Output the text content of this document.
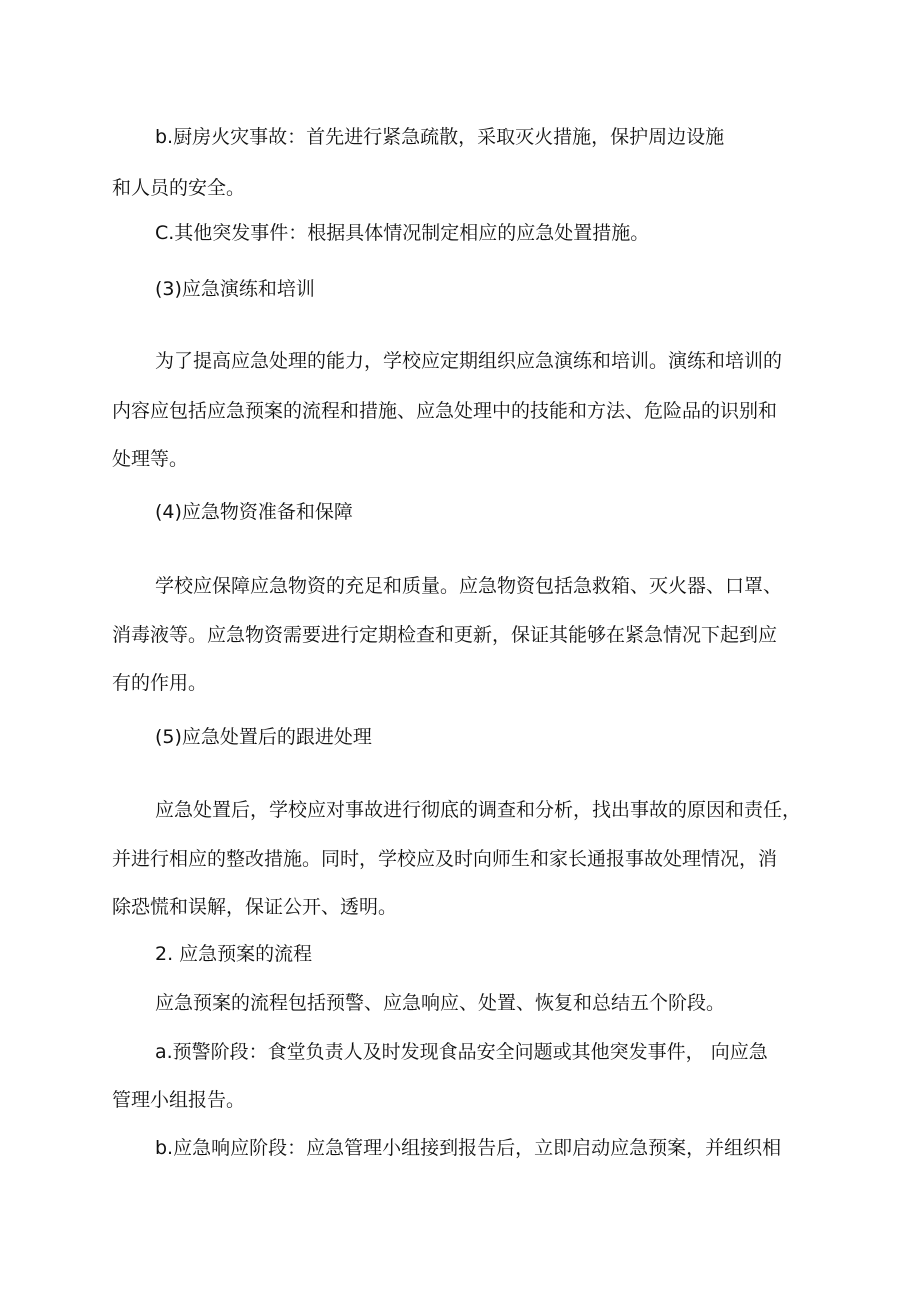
b.厨房火灾事故：首先进行紧急疏散，采取灭火措施，保护周边设施

和人员的安全。

C.其他突发事件：根据具体情况制定相应的应急处置措施。

(3)应急演练和培训

为了提高应急处理的能力，学校应定期组织应急演练和培训。演练和培训的

内容应包括应急预案的流程和措施、应急处理中的技能和方法、危险品的识别和

处理等。

(4)应急物资准备和保障

学校应保障应急物资的充足和质量。应急物资包括急救箱、灭火器、口罩、

消毒液等。应急物资需要进行定期检查和更新，保证其能够在紧急情况下起到应

有的作用。

(5)应急处置后的跟进处理

应急处置后，学校应对事故进行彻底的调查和分析，找出事故的原因和责任，

并进行相应的整改措施。同时，学校应及时向师生和家长通报事故处理情况，消

除恐慌和误解，保证公开、透明。

2. 应急预案的流程

应急预案的流程包括预警、应急响应、处置、恢复和总结五个阶段。

a.预警阶段：食堂负责人及时发现食品安全问题或其他突发事件， 向应急

管理小组报告。

b.应急响应阶段：应急管理小组接到报告后，立即启动应急预案，并组织相
